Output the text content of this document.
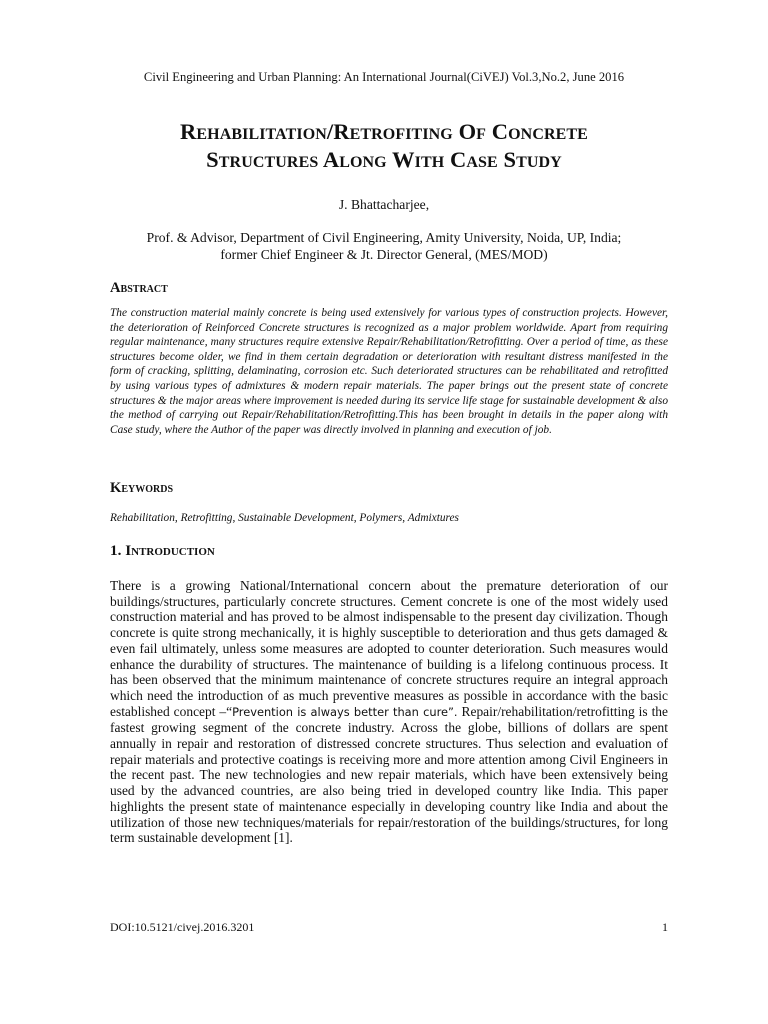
Civil Engineering and Urban Planning: An International Journal(CiVEJ) Vol.3,No.2, June 2016
Rehabilitation/Retrofiting Of Concrete
Structures Along With Case Study
J. Bhattacharjee,
Prof. & Advisor, Department of Civil Engineering, Amity University, Noida, UP, India;
former Chief Engineer & Jt. Director General, (MES/MOD)
Abstract
The construction material mainly concrete is being used extensively for various types of construction projects. However, the deterioration of Reinforced Concrete structures is recognized as a major problem worldwide. Apart from requiring regular maintenance, many structures require extensive Repair/Rehabilitation/Retrofitting. Over a period of time, as these structures become older, we find in them certain degradation or deterioration with resultant distress manifested in the form of cracking, splitting, delaminating, corrosion etc. Such deteriorated structures can be rehabilitated and retrofitted by using various types of admixtures & modern repair materials. The paper brings out the present state of concrete structures & the major areas where improvement is needed during its service life stage for sustainable development & also the method of carrying out Repair/Rehabilitation/Retrofitting.This has been brought in details in the paper along with Case study, where the Author of the paper was directly involved in planning and execution of job.
Keywords
Rehabilitation, Retrofitting, Sustainable Development, Polymers, Admixtures
1. Introduction
There is a growing National/International concern about the premature deterioration of our buildings/structures, particularly concrete structures. Cement concrete is one of the most widely used construction material and has proved to be almost indispensable to the present day civilization. Though concrete is quite strong mechanically, it is highly susceptible to deterioration and thus gets damaged & even fail ultimately, unless some measures are adopted to counter deterioration. Such measures would enhance the durability of structures. The maintenance of building is a lifelong continuous process. It has been observed that the minimum maintenance of concrete structures require an integral approach which need the introduction of as much preventive measures as possible in accordance with the basic established concept –“Prevention is always better than cure”. Repair/rehabilitation/retrofitting is the fastest growing segment of the concrete industry. Across the globe, billions of dollars are spent annually in repair and restoration of distressed concrete structures. Thus selection and evaluation of repair materials and protective coatings is receiving more and more attention among Civil Engineers in the recent past. The new technologies and new repair materials, which have been extensively being used by the advanced countries, are also being tried in developed country like India. This paper highlights the present state of maintenance especially in developing country like India and about the utilization of those new techniques/materials for repair/restoration of the buildings/structures, for long term sustainable development [1].
DOI:10.5121/civej.2016.3201	1
